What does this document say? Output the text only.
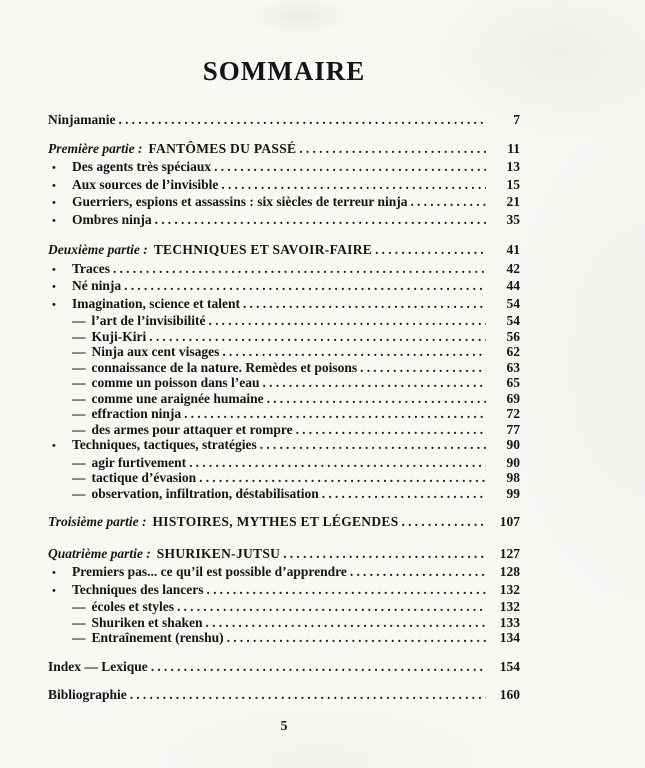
SOMMAIRE
Ninjamanie .....	7
Première partie : FANTÔMES DU PASSÉ .....	11
•	Des agents très spéciaux .....	13
•	Aux sources de l’invisible .....	15
•	Guerriers, espions et assassins : six siècles de terreur ninja .....	21
•	Ombres ninja .....	35
Deuxième partie : TECHNIQUES ET SAVOIR-FAIRE .....	41
•	Traces .....	42
•	Né ninja .....	44
•	Imagination, science et talent .....	54
— l’art de l’invisibilité .....	54
— Kuji-Kiri .....	56
— Ninja aux cent visages .....	62
— connaissance de la nature. Remèdes et poisons .....	63
— comme un poisson dans l’eau .....	65
— comme une araignée humaine .....	69
— effraction ninja .....	72
— des armes pour attaquer et rompre .....	77
•	Techniques, tactiques, stratégies .....	90
— agir furtivement .....	90
— tactique d’évasion .....	98
— observation, infiltration, déstabilisation .....	99
Troisième partie : HISTOIRES, MYTHES ET LÉGENDES .....	107
Quatrième partie : SHURIKEN-JUTSU .....	127
•	Premiers pas... ce qu’il est possible d’apprendre .....	128
•	Techniques des lancers .....	132
— écoles et styles .....	132
— Shuriken et shaken .....	133
— Entraînement (renshu) .....	134
Index — Lexique .....	154
Bibliographie .....	160
5
